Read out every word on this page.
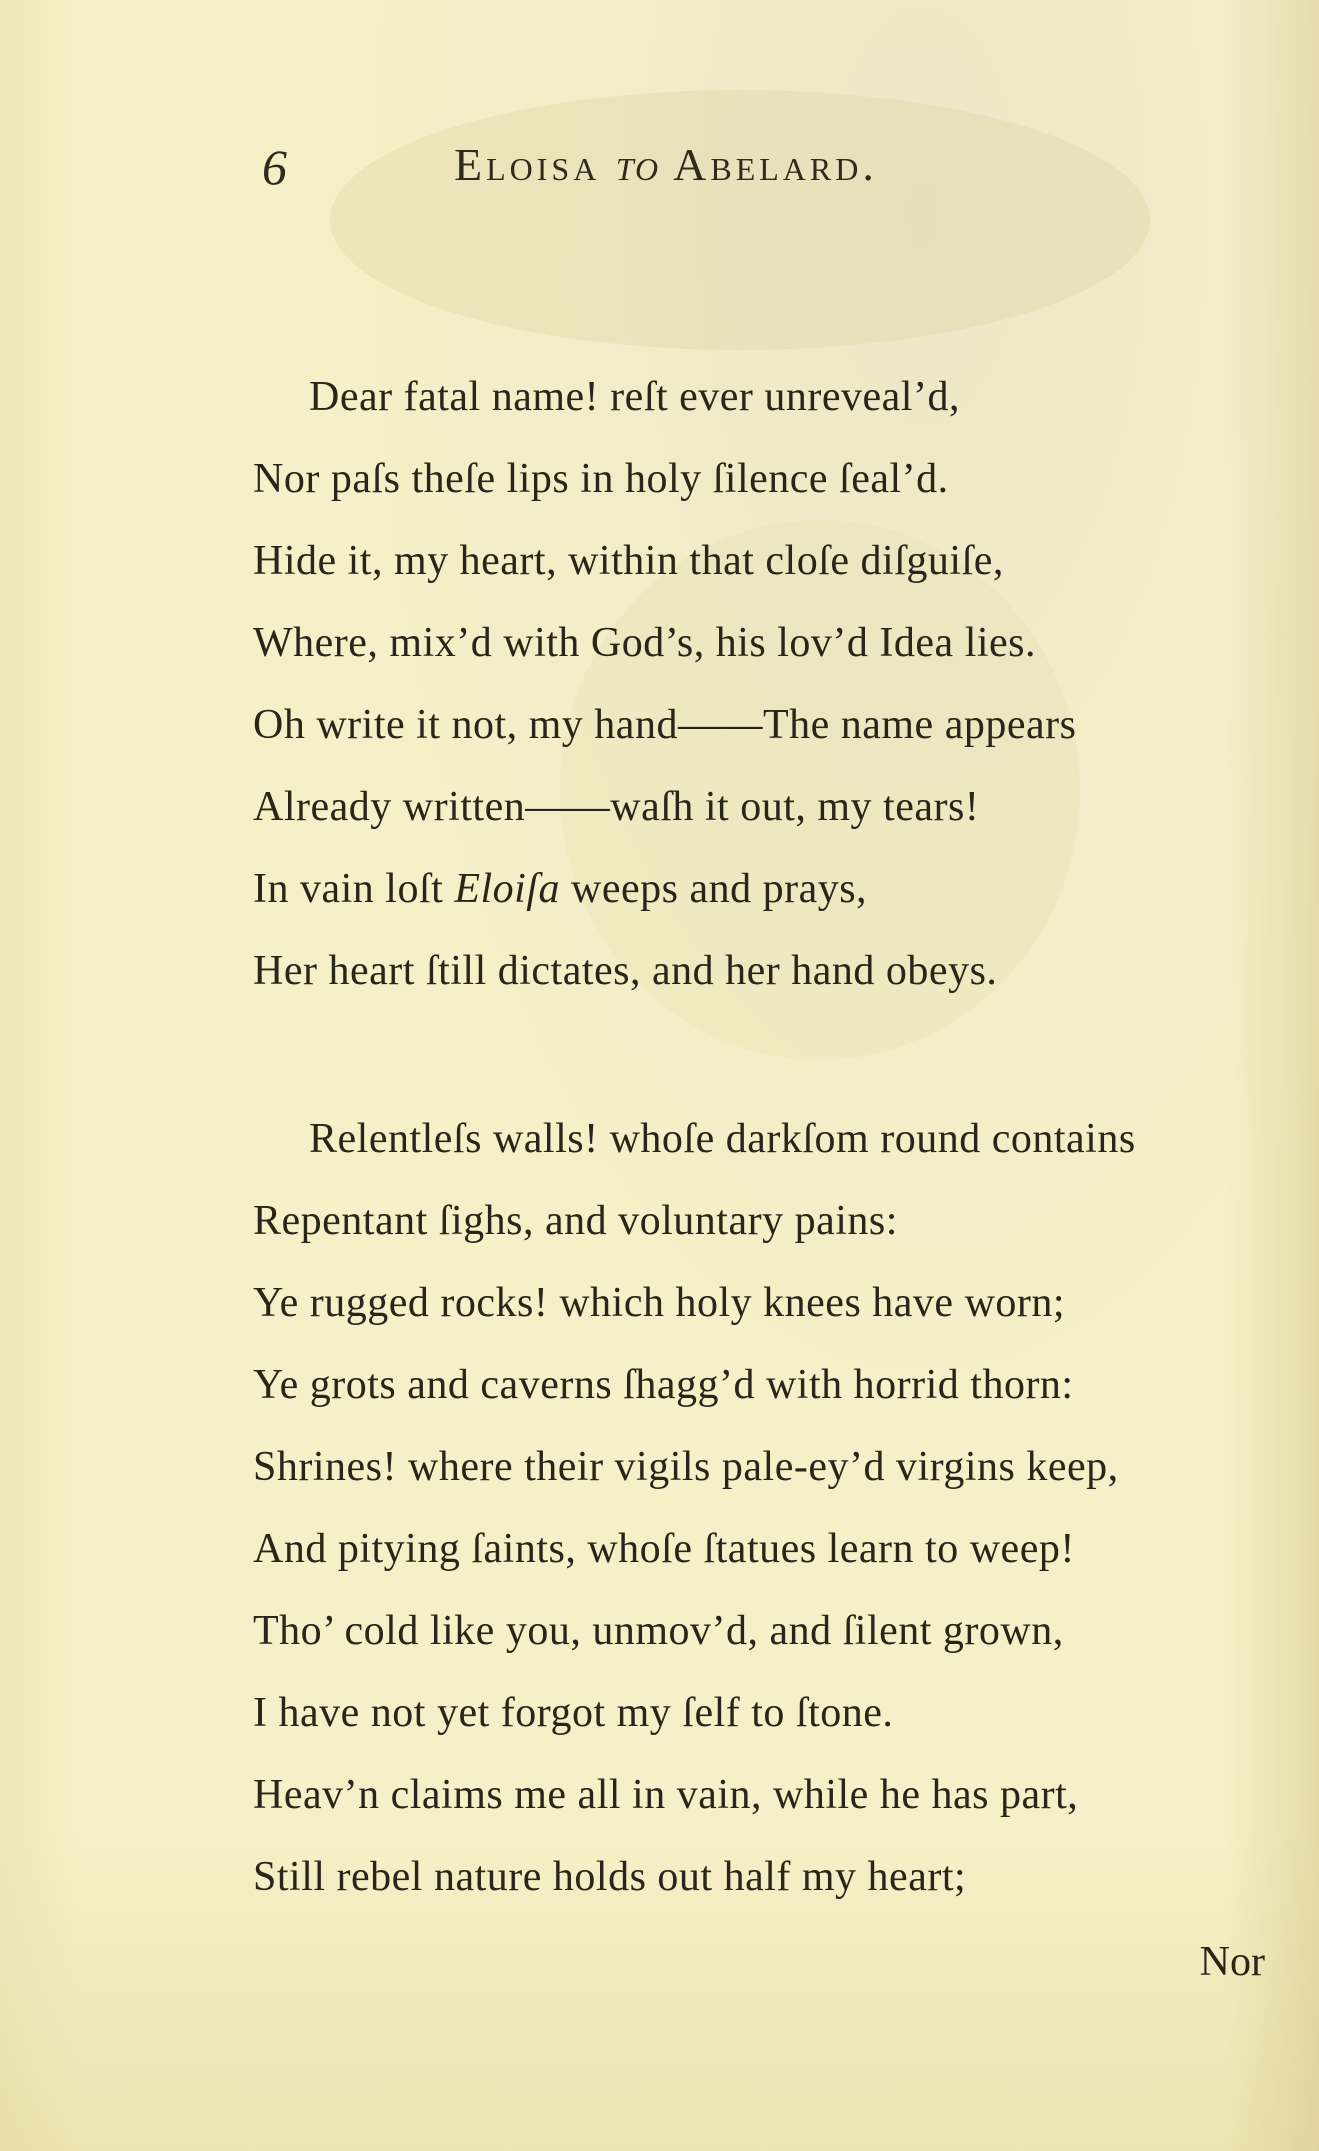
6	Eloisa to Abelard.
Dear fatal name! reſt ever unreveal’d,
Nor paſs theſe lips in holy ſilence ſeal’d.
Hide it, my heart, within that cloſe diſguiſe,
Where, mix’d with God’s, his lov’d Idea lies.
Oh write it not, my hand——The name appears
Already written——waſh it out, my tears!
In vain loſt Eloiſa weeps and prays,
Her heart ſtill dictates, and her hand obeys.
Relentleſs walls! whoſe darkſom round contains
Repentant ſighs, and voluntary pains:
Ye rugged rocks! which holy knees have worn;
Ye grots and caverns ſhagg’d with horrid thorn:
Shrines! where their vigils pale-ey’d virgins keep,
And pitying ſaints, whoſe ſtatues learn to weep!
Tho’ cold like you, unmov’d, and ſilent grown,
I have not yet forgot my ſelf to ſtone.
Heav’n claims me all in vain, while he has part,
Still rebel nature holds out half my heart;
Nor
